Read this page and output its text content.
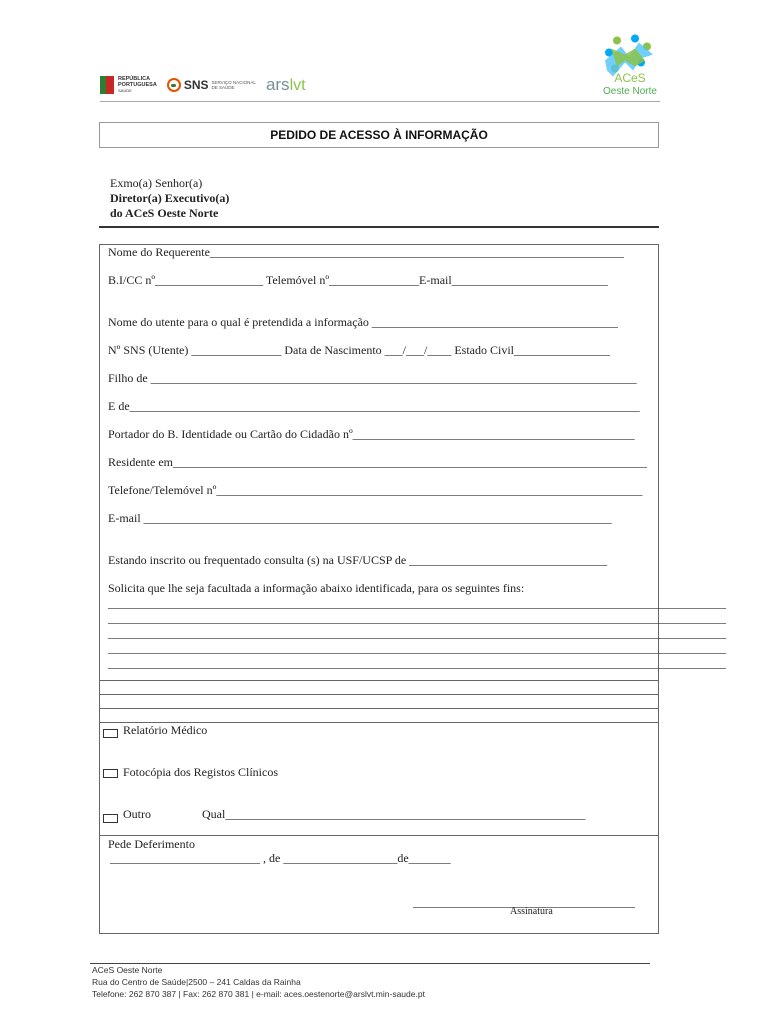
REPÚBLICA
PORTUGUESA
SAÚDE	SNS SERVIÇO NACIONAL
DE SAÚDE	ars lvt	ACeS
Oeste Norte
PEDIDO DE ACESSO À INFORMAÇÃO
Exmo(a) Senhor(a)
Diretor(a) Executivo(a)
do ACeS Oeste Norte
Nome do Requerente_____________________________________________________________________
B.I/CC nº__________________ Telemóvel nº_______________E-mail__________________________
Nome do utente para o qual é pretendida a informação _________________________________________
Nº SNS (Utente) _______________ Data de Nascimento ___/___/____ Estado Civil________________
Filho de _________________________________________________________________________________
E de_____________________________________________________________________________________
Portador do B. Identidade ou Cartão do Cidadão nº_______________________________________________
Residente em_______________________________________________________________________________
Telefone/Telemóvel nº_______________________________________________________________________
E-mail ______________________________________________________________________________
Estando inscrito ou frequentado consulta (s) na USF/UCSP de _________________________________
Solicita que lhe seja facultada a informação abaixo identificada, para os seguintes fins:
_______________________________________________________________________________________________________
_______________________________________________________________________________________________________
_______________________________________________________________________________________________________
_______________________________________________________________________________________________________
_______________________________________________________________________________________________________
Relatório Médico
Fotocópia dos Registos Clínicos
Outro	Qual____________________________________________________________
Pede Deferimento
_________________________ , de ___________________de_______
_____________________________________
Assinatura
ACeS Oeste Norte
Rua do Centro de Saúde|2500 – 241 Caldas da Rainha
Telefone: 262 870 387 | Fax: 262 870 381 | e-mail: aces.oestenorte@arslvt.min-saude.pt
